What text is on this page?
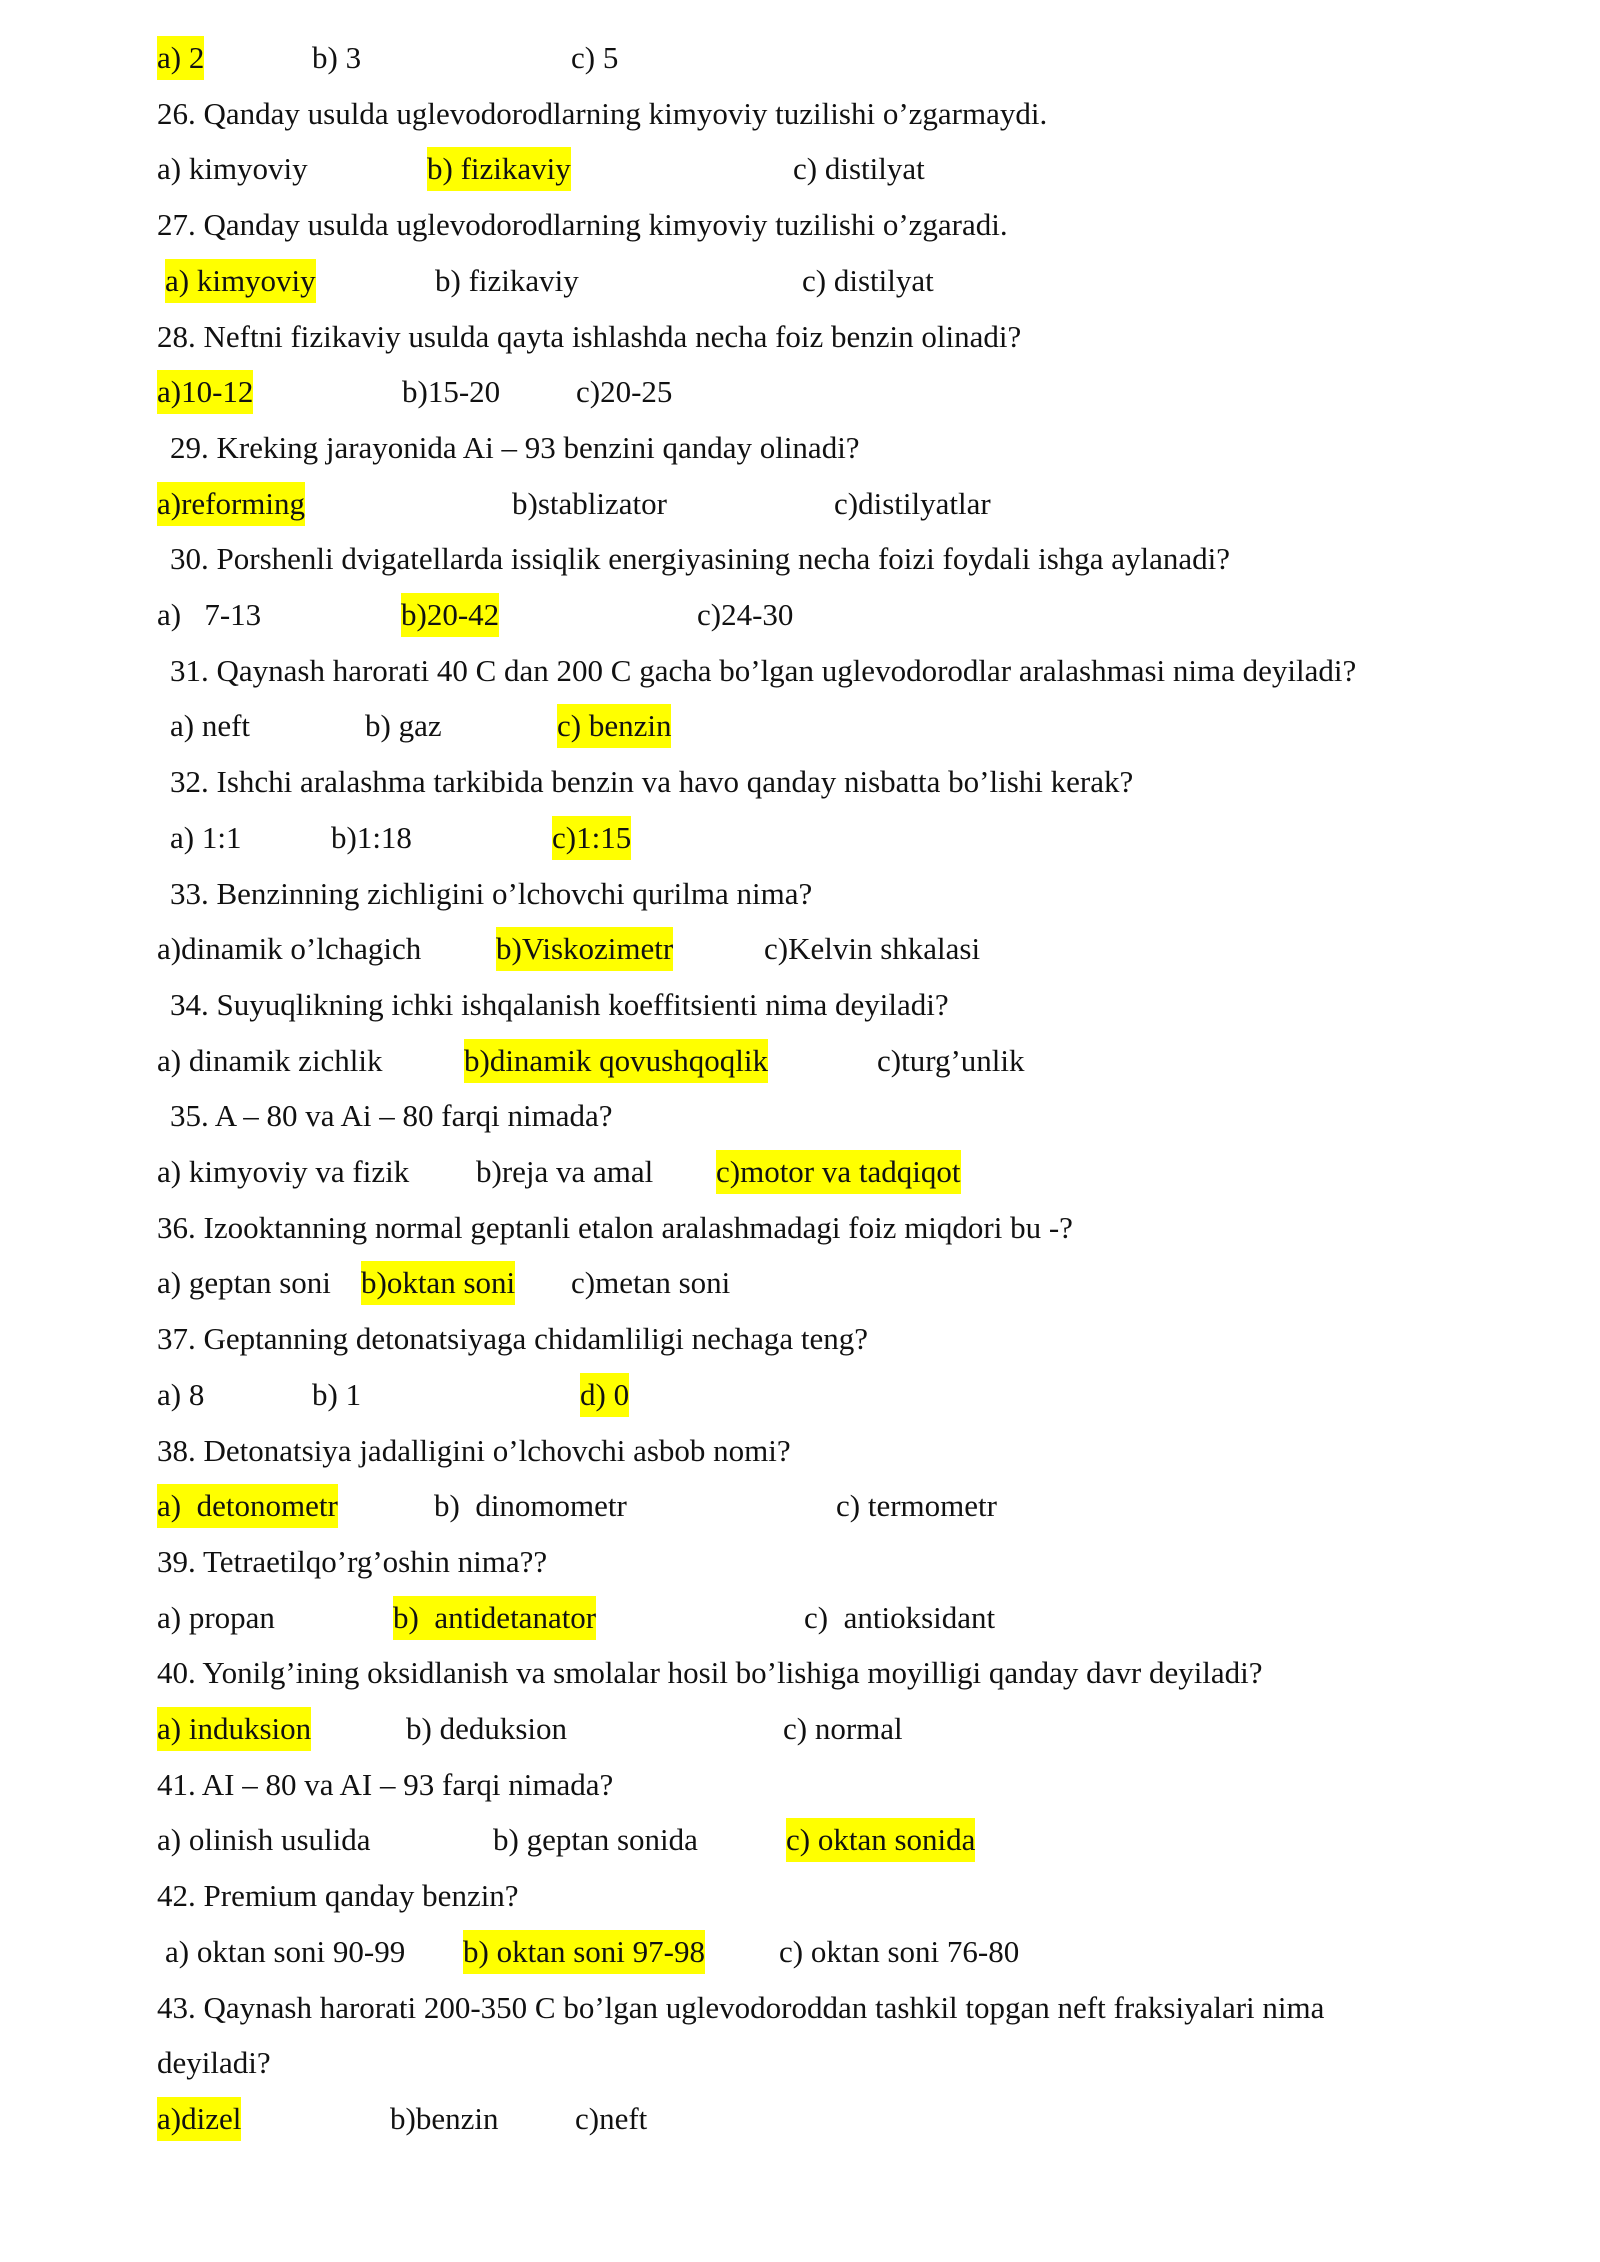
a) 2	b) 3	c) 5
26. Qanday usulda uglevodorodlarning kimyoviy tuzilishi o’zgarmaydi.
a) kimyoviy	b) fizikaviy	c) distilyat
27. Qanday usulda uglevodorodlarning kimyoviy tuzilishi o’zgaradi.
a) kimyoviy	b) fizikaviy	c) distilyat
28. Neftni fizikaviy usulda qayta ishlashda necha foiz benzin olinadi?
a)10-12	b)15-20 c)20-25
29. Kreking jarayonida Ai – 93 benzini qanday olinadi?
a)reforming	b)stablizator	c)distilyatlar
30. Porshenli dvigatellarda issiqlik energiyasining necha foizi foydali ishga aylanadi?
a)   7-13	b)20-42	c)24-30
31. Qaynash harorati 40 C dan 200 C gacha bo’lgan uglevodorodlar aralashmasi nima deyiladi?
a) neft	b) gaz	c) benzin
32. Ishchi aralashma tarkibida benzin va havo qanday nisbatta bo’lishi kerak?
a) 1:1	b)1:18	c)1:15
33. Benzinning zichligini o’lchovchi qurilma nima?
a)dinamik o’lchagich b)Viskozimetr	c)Kelvin shkalasi
34. Suyuqlikning ichki ishqalanish koeffitsienti nima deyiladi?
a) dinamik zichlik	b)dinamik qovushqoqlik	c)turg’unlik
35. A – 80 va Ai – 80 farqi nimada?
a) kimyoviy va fizik b)reja va amal c)motor va tadqiqot
36. Izooktanning normal geptanli etalon aralashmadagi foiz miqdori bu -?
a) geptan soni b)oktan soni c)metan soni
37. Geptanning detonatsiyaga chidamliligi nechaga teng?
a) 8	b) 1	d) 0
38. Detonatsiya jadalligini o’lchovchi asbob nomi?
a)  detonometr	b)  dinomometr	c) termometr
39. Tetraetilqo’rg’oshin nima??
a) propan	b)  antidetanator	c)  antioksidant
40. Yonilg’ining oksidlanish va smolalar hosil bo’lishiga moyilligi qanday davr deyiladi?
a) induksion	b) deduksion	c) normal
41. AI – 80 va AI – 93 farqi nimada?
a) olinish usulida	b) geptan sonida	c) oktan sonida
42. Premium qanday benzin?
a) oktan soni 90-99 b) oktan soni 97-98 c) oktan soni 76-80
43. Qaynash harorati 200-350 C bo’lgan uglevodoroddan tashkil topgan neft fraksiyalari nima
deyiladi?
a)dizel	b)benzin c)neft
